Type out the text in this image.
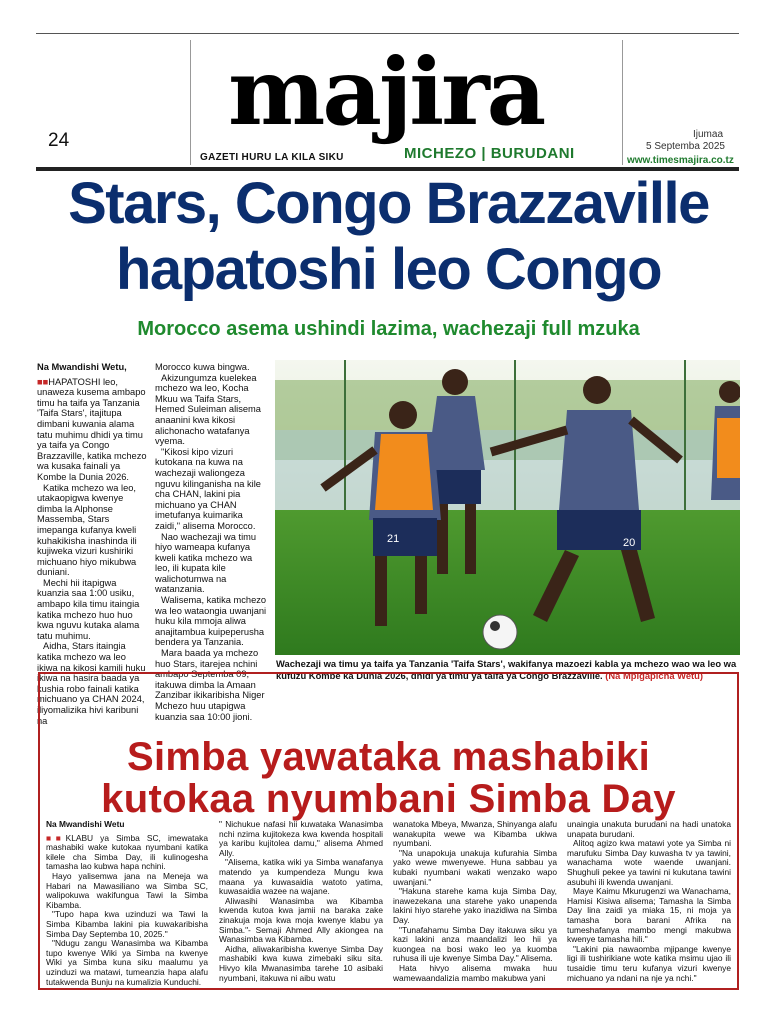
24 majira
GAZETI HURU LA KILA SIKU	MICHEZO | BURUDANI
Ijumaa
5 Septemba 2025
www.timesmajira.co.tz
Stars, Congo Brazzaville
hapatoshi leo Congo
Morocco asema ushindi lazima, wachezaji full mzuka

Na Mwandishi Wetu,

■■HAPATOSHI leo, unaweza kusema ambapo timu ha taifa ya Tanzania 'Taifa Stars', itajitupa dimbani kuwania alama tatu muhimu dhidi ya timu ya taifa ya Congo Brazzaville, katika mchezo wa kusaka fainali ya Kombe la Dunia 2026.

Katika mchezo wa leo, utakaopigwa kwenye dimba la Alphonse Massemba, Stars imepanga kufanya kweli kuhakikisha inashinda ili kujiweka vizuri kushiriki michuano hiyo mikubwa duniani.

Mechi hii itapigwa kuanzia saa 1:00 usiku, ambapo kila timu itaingia katika mchezo huo huo kwa nguvu kutaka alama tatu muhimu.

Aidha, Stars itaingia katika mchezo wa leo ikiwa na kikosi kamili huku ikiwa na hasira baada ya kushia robo fainali katika michuano ya CHAN 2024, iliyomalizika hivi karibuni na

Morocco kuwa bingwa.

Akizungumza kuelekea mchezo wa leo, Kocha Mkuu wa Taifa Stars, Hemed Suleiman alisema anaanini kwa kikosi alichonacho watafanya vyema.

"Kikosi kipo vizuri kutokana na kuwa na wachezaji waliongeza nguvu kilinganisha na kile cha CHAN, lakini pia michuano ya CHAN imetufanya kuimarika zaidi," alisema Morocco.

Nao wachezaji wa timu hiyo wameapa kufanya kweli katika mchezo wa leo, ili kupata kile walichotumwa na watanzania.

Walisema, katika mchezo wa leo wataongia uwanjani huku kila mmoja aliwa anajitambua kuipeperusha bendera ya Tanzania.

Mara baada ya mchezo huo Stars, itarejea nchini ambapo Septemba 09, itakuwa dimba la Amaan Zanzibar ikikaribisha Niger Mchezo huu utapigwa kuanzia saa 10:00 jioni.

21	20
Wachezaji wa timu ya taifa ya Tanzania 'Taifa Stars', wakifanya mazoezi kabla ya mchezo wao wa leo wa kufuzu Kombe ka Dunia 2026, dhidi ya timu ya taifa ya Congo Brazzaville. (Na Mpigapicha Wetu)
Simba yawataka mashabiki
kutokaa nyumbani Simba Day

Na Mwandishi Wetu

■■KLABU ya Simba SC, imewataka mashabiki wake kutokaa nyumbani katika kilele cha Simba Day, ili kulinogesha tamasha lao kubwa hapa nchini.

Hayo yalisemwa jana na Meneja wa Habari na Mawasiliano wa Simba SC, walipokuwa wakifungua Tawi la Simba Kibamba.

"Tupo hapa kwa uzinduzi wa Tawi la Simba Kibamba lakini pia kuwakaribisha Simba Day Septemba 10, 2025."

"Ndugu zangu Wanasimba wa Kibamba tupo kwenye Wiki ya Simba na kwenye Wiki ya Simba kuna siku maalumu ya uzinduzi wa matawi, tumeanzia hapa alafu tutakwenda Bunju na kumalizia Kunduchi.

" Nichukue nafasi hii kuwataka Wanasimba nchi nzima kujitokeza kwa kwenda hospitali ya karibu kujitolea damu," alisema Ahmed Ally.

"Alisema, katika wiki ya Simba wanafanya matendo ya kumpendeza Mungu kwa maana ya kuwasaidia watoto yatima, kuwasaidia wazee na wajane.

Aliwasihi Wanasimba wa Kibamba kwenda kutoa kwa jamii na baraka zake zinakuja moja kwa moja kwenye klabu ya Simba."- Semaji Ahmed Ally akiongea na Wanasimba wa Kibamba.

Aidha, aliwakaribisha kwenye Simba Day mashabiki kwa kuwa zimebaki siku sita. Hivyo kila Mwanasimba tarehe 10 asibaki nyumbani, itakuwa ni aibu watu

wanatoka Mbeya, Mwanza, Shinyanga alafu wanakupita wewe wa Kibamba ukiwa nyumbani.

"Na unapokuja unakuja kufurahia Simba yako wewe mwenyewe. Huna sabbau ya kubaki nyumbani wakati wenzako wapo uwanjani."

"Hakuna starehe kama kuja Simba Day, inawezekana una starehe yako unapenda lakini hiyo starehe yako inazidiwa na Simba Day.

"Tunafahamu Simba Day itakuwa siku ya kazi lakini anza maandalizi leo hii ya kuongea na bosi wako leo ya kuomba ruhusa ili uje kwenye Simba Day." Alisema.

Hata hivyo alisema mwaka huu wamewaandalizia mambo makubwa yani

unaingia unakuta burudani na hadi unatoka unapata burudani.

Alitoq agizo kwa matawi yote ya Simba ni marufuku Simba Day kuwasha tv ya tawini, wanachama wote waende uwanjani. Shughuli pekee ya tawini ni kukutana tawini asubuhi ili kwenda uwanjani.

Maye Kaimu Mkurugenzi wa Wanachama, Hamisi Kisiwa alisema; Tamasha la Simba Day lina zaidi ya miaka 15, ni moja ya tamasha bora barani Afrika na tumeshafanya mambo mengi makubwa kwenye tamasha hili."

"Lakini pia nawaomba mjipange kwenye ligi ili tushirikiane wote katika msimu ujao ili tusaidie timu teru kufanya vizuri kwenye michuano ya ndani na nje ya nchi."
